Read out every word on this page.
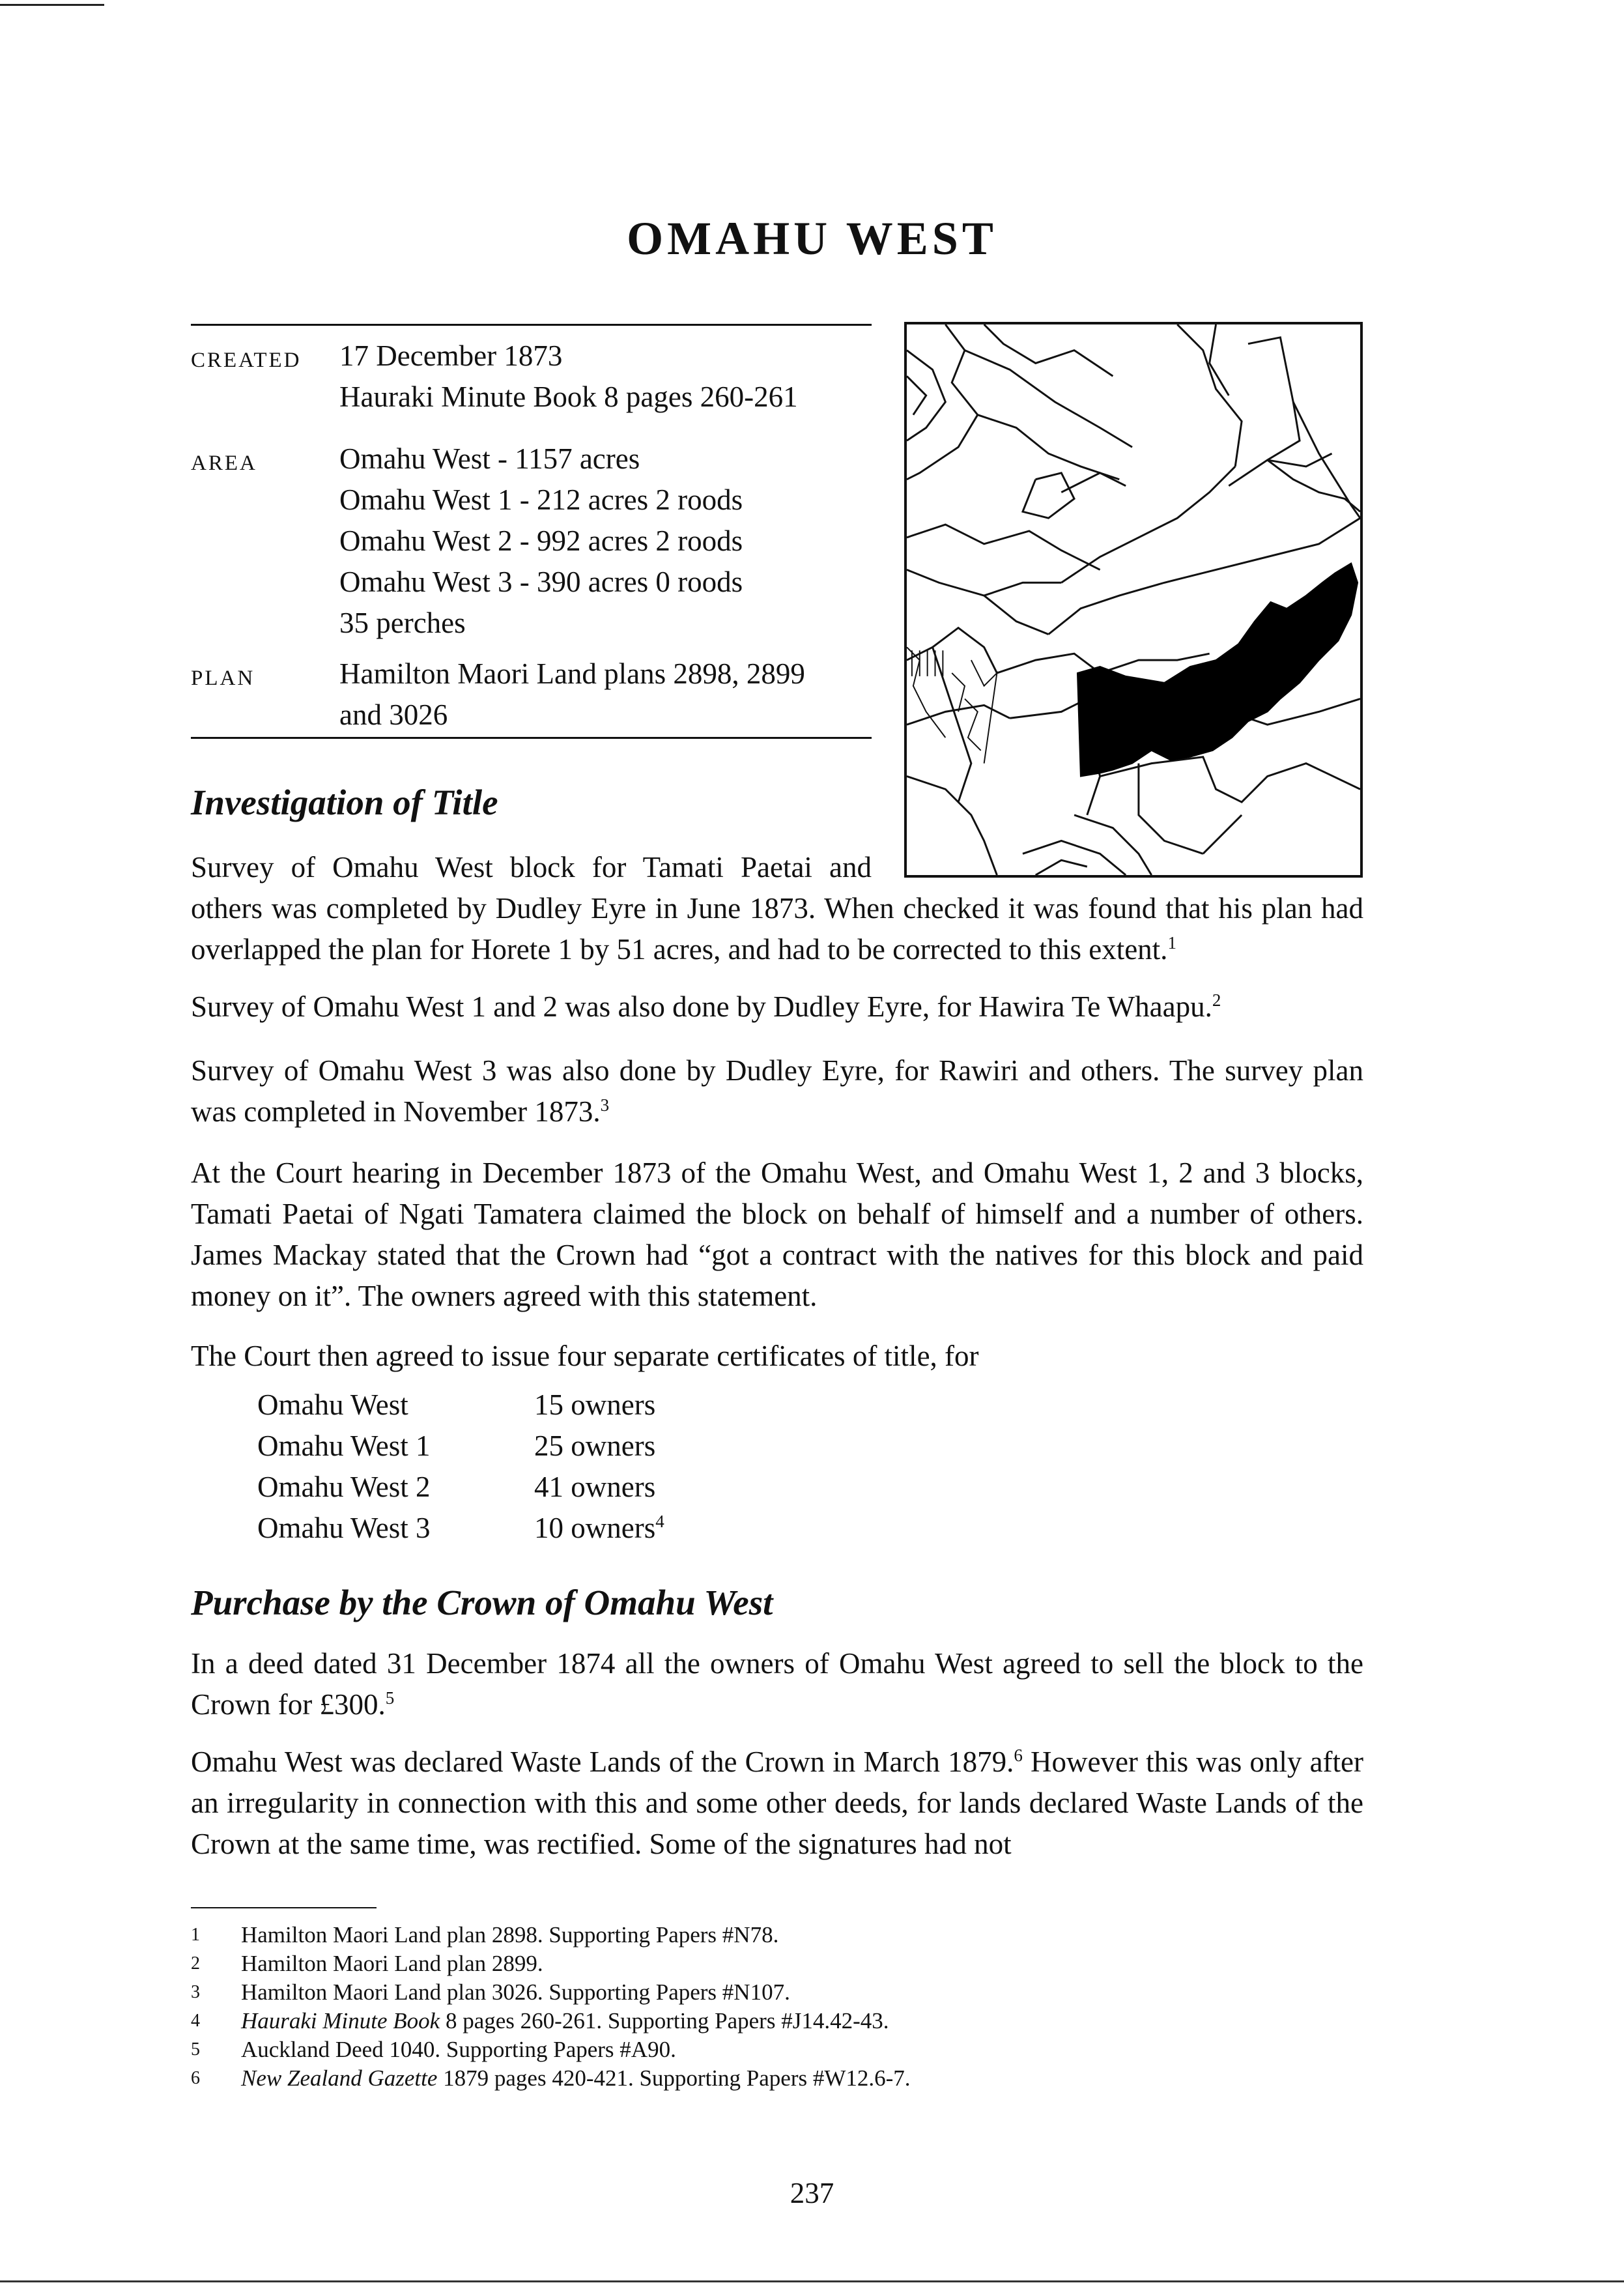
OMAHU WEST
CREATED	17 December 1873
Hauraki Minute Book 8 pages 260-261
AREA	Omahu West - 1157 acres
Omahu West 1 - 212 acres 2 roods
Omahu West 2 - 992 acres 2 roods
Omahu West 3 - 390 acres 0 roods
35 perches
PLAN	Hamilton Maori Land plans 2898, 2899
and 3026
Investigation of Title
Survey of Omahu West block for Tamati Paetai and
others was completed by Dudley Eyre in June 1873. When checked it was found that his plan had overlapped the plan for Horete 1 by 51 acres, and had to be corrected to this extent.$^1$
Survey of Omahu West 1 and 2 was also done by Dudley Eyre, for Hawira Te Whaapu.$^2$
Survey of Omahu West 3 was also done by Dudley Eyre, for Rawiri and others. The survey plan was completed in November 1873.$^3$
At the Court hearing in December 1873 of the Omahu West, and Omahu West 1, 2 and 3 blocks, Tamati Paetai of Ngati Tamatera claimed the block on behalf of himself and a number of others. James Mackay stated that the Crown had “got a contract with the natives for this block and paid money on it”. The owners agreed with this statement.
The Court then agreed to issue four separate certificates of title, for
Omahu West	15 owners
Omahu West 1	25 owners
Omahu West 2	41 owners
Omahu West 3	10 owners$^4$
Purchase by the Crown of Omahu West
In a deed dated 31 December 1874 all the owners of Omahu West agreed to sell the block to the Crown for £300.$^5$
Omahu West was declared Waste Lands of the Crown in March 1879.$^6$ However this was only after an irregularity in connection with this and some other deeds, for lands declared Waste Lands of the Crown at the same time, was rectified. Some of the signatures had not
1	Hamilton Maori Land plan 2898. Supporting Papers #N78.
2	Hamilton Maori Land plan 2899.
3	Hamilton Maori Land plan 3026. Supporting Papers #N107.
4	Hauraki Minute Book 8 pages 260-261. Supporting Papers #J14.42-43.
5	Auckland Deed 1040. Supporting Papers #A90.
6	New Zealand Gazette 1879 pages 420-421. Supporting Papers #W12.6-7.
237
